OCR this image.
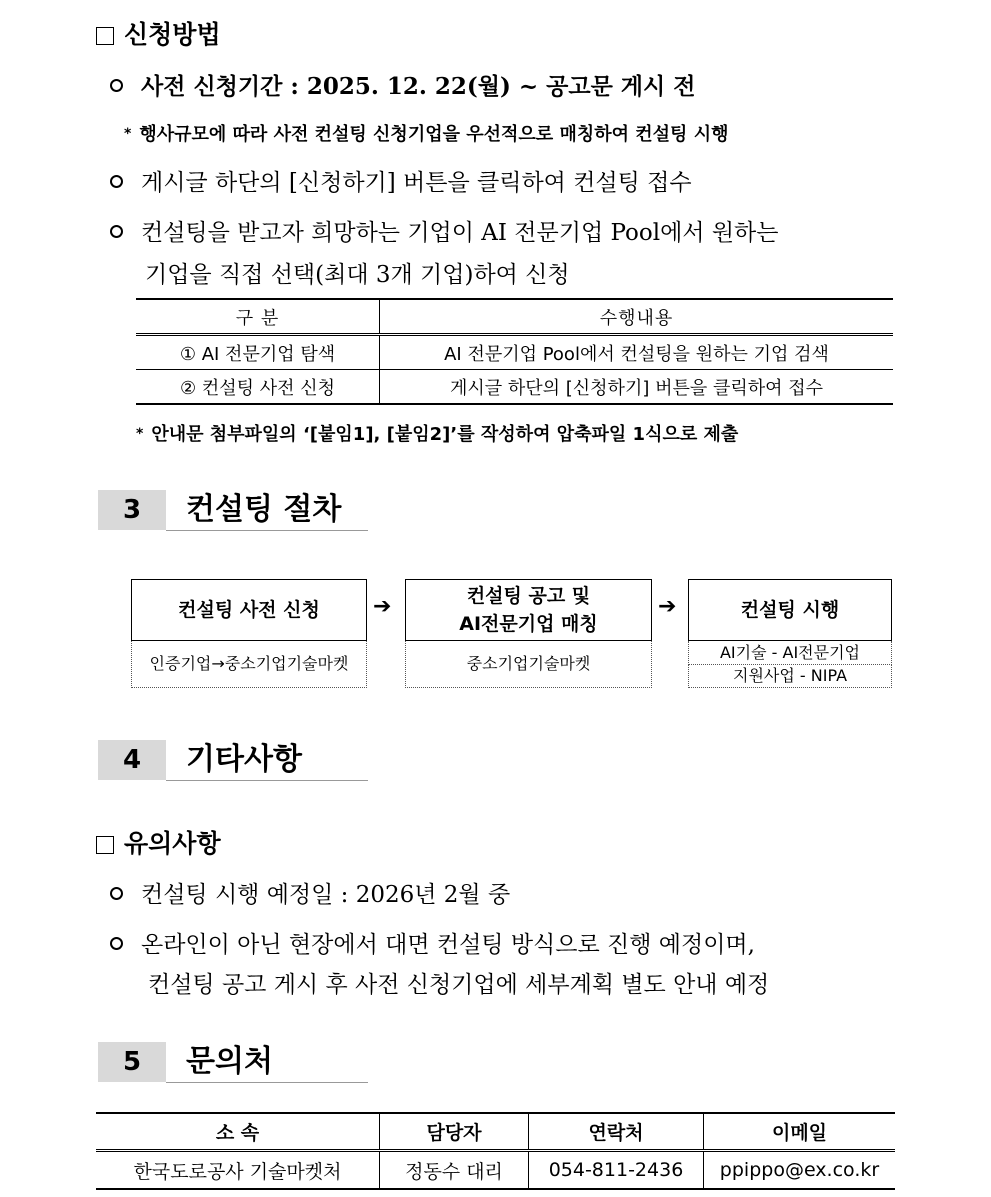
신청방법
사전 신청기간 : 2025. 12. 22(월) ~ 공고문 게시 전
* 행사규모에 따라 사전 컨설팅 신청기업을 우선적으로 매칭하여 컨설팅 시행
게시글 하단의 [신청하기] 버튼을 클릭하여 컨설팅 접수
컨설팅을 받고자 희망하는 기업이 AI 전문기업 Pool에서 원하는
기업을 직접 선택(최대 3개 기업)하여 신청
구 분	수행내용
① AI 전문기업 탐색	AI 전문기업 Pool에서 컨설팅을 원하는 기업 검색
② 컨설팅 사전 신청	게시글 하단의 [신청하기] 버튼을 클릭하여 접수
* 안내문 첨부파일의 ‘[붙임1], [붙임2]’를 작성하여 압축파일 1식으로 제출
3	컨설팅 절차
컨설팅 사전 신청
인증기업→중소기업기술마켓
➔	컨설팅 공고 및
AI전문기업 매칭
중소기업기술마켓
➔	컨설팅 시행
AI기술 - AI전문기업
지원사업 - NIPA
4	기타사항
유의사항
컨설팅 시행 예정일 : 2026년 2월 중
온라인이 아닌 현장에서 대면 컨설팅 방식으로 진행 예정이며,
컨설팅 공고 게시 후 사전 신청기업에 세부계획 별도 안내 예정
5	문의처
소 속	담당자	연락처	이메일
한국도로공사 기술마켓처	정동수 대리	054-811-2436	ppippo@ex.co.kr
